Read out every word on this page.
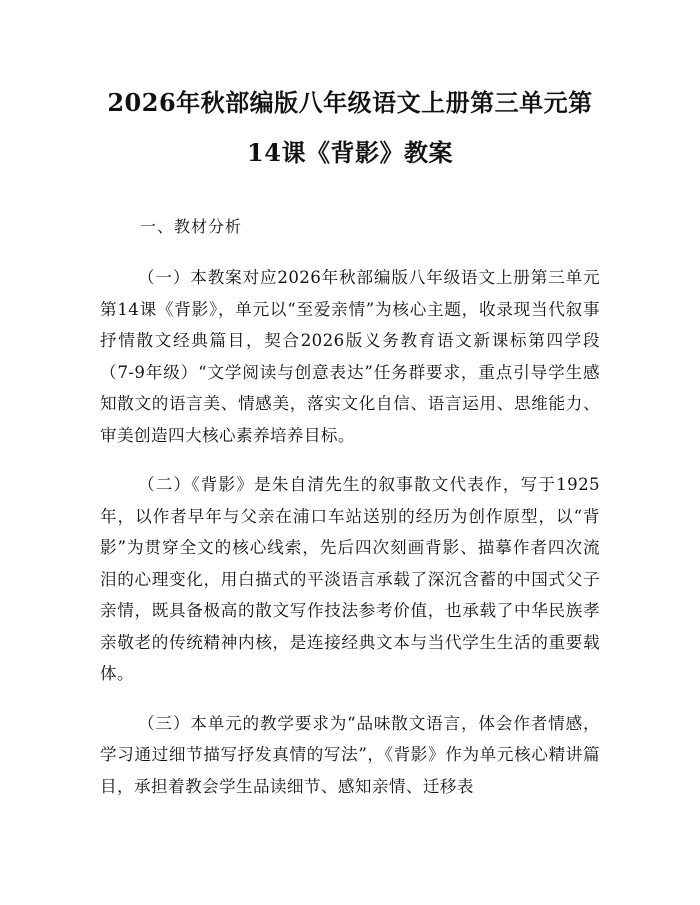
2026年秋部编版八年级语文上册第三单元第
14课《背影》教案

一、教材分析

（一）本教案对应2026年秋部编版八年级语文上册第三单元第14课《背影》，单元以“至爱亲情”为核心主题，收录现当代叙事抒情散文经典篇目，契合2026版义务教育语文新课标第四学段（7-9年级）“文学阅读与创意表达”任务群要求，重点引导学生感知散文的语言美、情感美，落实文化自信、语言运用、思维能力、审美创造四大核心素养培养目标。

（二）《背影》是朱自清先生的叙事散文代表作，写于1925年，以作者早年与父亲在浦口车站送别的经历为创作原型，以“背影”为贯穿全文的核心线索，先后四次刻画背影、描摹作者四次流泪的心理变化，用白描式的平淡语言承载了深沉含蓄的中国式父子亲情，既具备极高的散文写作技法参考价值，也承载了中华民族孝亲敬老的传统精神内核，是连接经典文本与当代学生生活的重要载体。

（三）本单元的教学要求为“品味散文语言，体会作者情感，学习通过细节描写抒发真情的写法”，《背影》作为单元核心精讲篇目，承担着教会学生品读细节、感知亲情、迁移表
